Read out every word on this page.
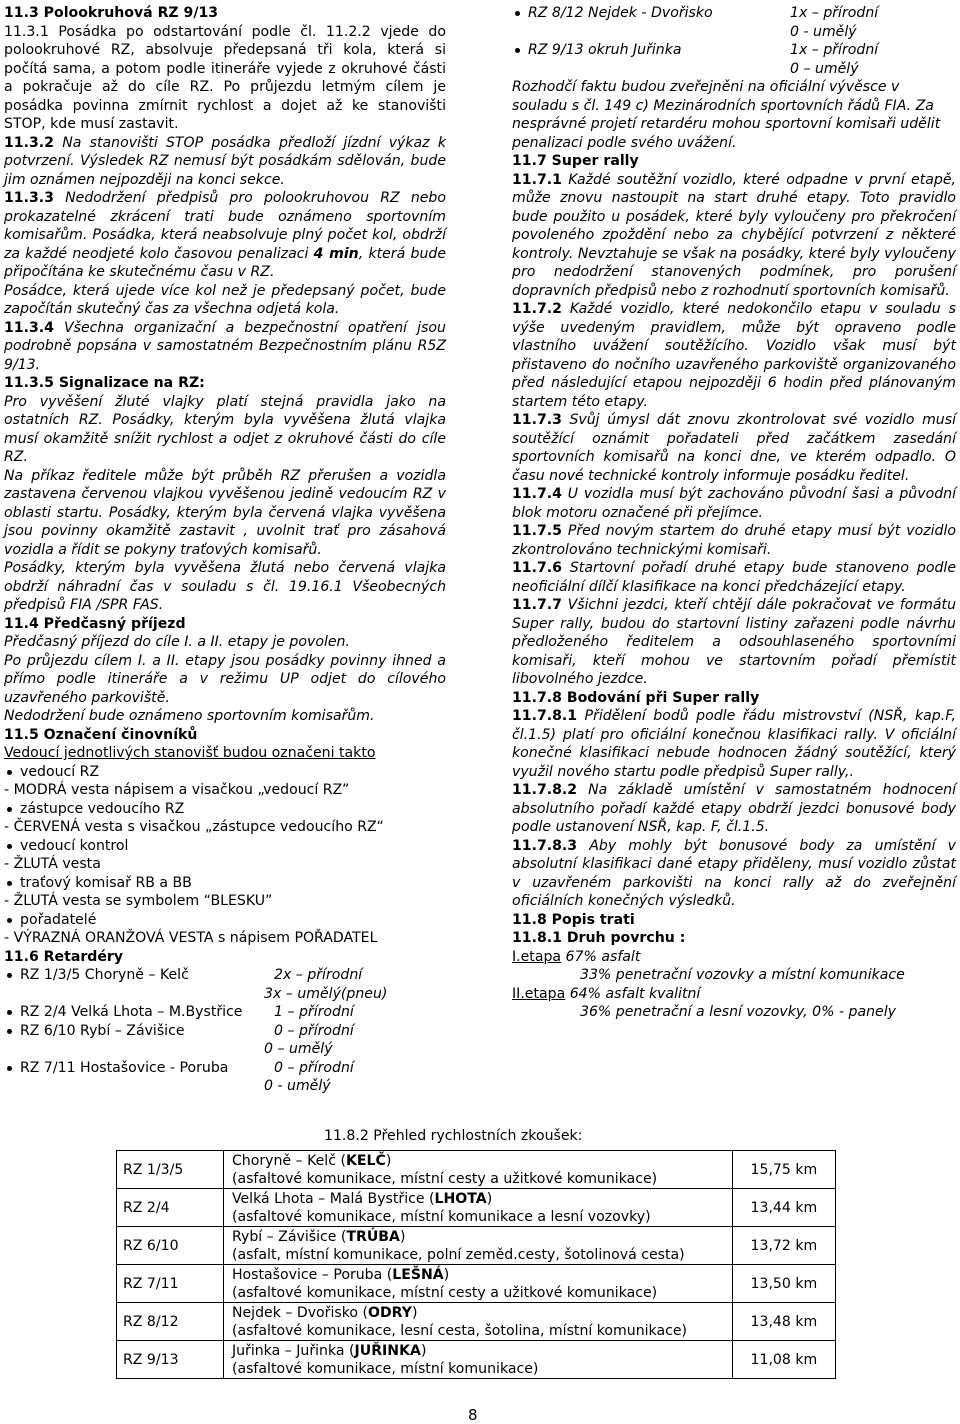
11.3 Polookruhová RZ 9/13

11.3.1 Posádka po odstartování podle čl. 11.2.2 vjede do polookruhové RZ, absolvuje předepsaná tři kola, která si počítá sama, a potom podle itineráře vyjede z okruhové části a pokračuje až do cíle RZ. Po průjezdu letmým cílem je posádka povinna zmírnit rychlost a dojet až ke stanovišti STOP, kde musí zastavit.

11.3.2 Na stanovišti STOP posádka předloží jízdní výkaz k potvrzení. Výsledek RZ nemusí být posádkám sdělován, bude jim oznámen nejpozději na konci sekce.

11.3.3 Nedodržení předpisů pro polookruhovou RZ nebo prokazatelné zkrácení trati bude oznámeno sportovním komisařům. Posádka, která neabsolvuje plný počet kol, obdrží za každé neodjeté kolo časovou penalizaci 4 min, která bude připočítána ke skutečnému času v RZ.

Posádce, která ujede více kol než je předepsaný počet, bude započítán skutečný čas za všechna odjetá kola.

11.3.4 Všechna organizační a bezpečnostní opatření jsou podrobně popsána v samostatném Bezpečnostním plánu R5Z 9/13.

11.3.5 Signalizace na RZ:

Pro vyvěšení žluté vlajky platí stejná pravidla jako na ostatních RZ. Posádky, kterým byla vyvěšena žlutá vlajka musí okamžitě snížit rychlost a odjet z okruhové části do cíle RZ.

Na příkaz ředitele může být průběh RZ přerušen a vozidla zastavena červenou vlajkou vyvěšenou jedině vedoucím RZ v oblasti startu. Posádky, kterým byla červená vlajka vyvěšena jsou povinny okamžitě zastavit , uvolnit trať pro zásahová vozidla a řídit se pokyny traťových komisařů.

Posádky, kterým byla vyvěšena žlutá nebo červená vlajka obdrží náhradní čas v souladu s čl. 19.16.1 Všeobecných předpisů FIA /SPR FAS.

11.4 Předčasný příjezd

Předčasný příjezd do cíle I. a II. etapy je povolen.

Po průjezdu cílem I. a II. etapy jsou posádky povinny ihned a přímo podle itineráře a v režimu UP odjet do cílového uzavřeného parkoviště.

Nedodržení bude oznámeno sportovním komisařům.

11.5 Označení činovníků

Vedoucí jednotlivých stanovišť budou označeni takto

vedoucí RZ

- MODRÁ vesta nápisem a visačkou „vedoucí RZ”

zástupce vedoucího RZ

- ČERVENÁ vesta s visačkou „zástupce vedoucího RZ“

vedoucí kontrol

- ŽLUTÁ vesta

traťový komisař RB a BB

- ŽLUTÁ vesta se symbolem “BLESKU”

pořadatelé

- VÝRAZNÁ ORANŽOVÁ VESTA s nápisem POŘADATEL

11.6 Retardéry

RZ 1/3/5 Choryně – Kelč	2x – přírodní

3x – umělý(pneu)

RZ 2/4 Velká Lhota – M.Bystřice	1 – přírodní
RZ 6/10 Rybí – Závišice	0 – přírodní

0 – umělý

RZ 7/11 Hostašovice - Poruba	0 – přírodní

0 - umělý

RZ 8/12 Nejdek - Dvořisko	1x – přírodní

0 - umělý

RZ 9/13 okruh Juřinka	1x – přírodní

0 – umělý

Rozhodčí faktu budou zveřejněni na oficiální vývěsce v souladu s čl. 149 c) Mezinárodních sportovních řádů FIA. Za nesprávné projetí retardéru mohou sportovní komisaři udělit penalizaci podle svého uvážení.

11.7 Super rally

11.7.1 Každé soutěžní vozidlo, které odpadne v první etapě, může znovu nastoupit na start druhé etapy. Toto pravidlo bude použito u posádek, které byly vyloučeny pro překročení povoleného zpoždění nebo za chybějící potvrzení z některé kontroly. Nevztahuje se však na posádky, které byly vyloučeny pro nedodržení stanovených podmínek, pro porušení dopravních předpisů nebo z rozhodnutí sportovních komisařů.

11.7.2 Každé vozidlo, které nedokončilo etapu v souladu s výše uvedeným pravidlem, může být opraveno podle vlastního uvážení soutěžícího. Vozidlo však musí být přistaveno do nočního uzavřeného parkoviště organizovaného před následující etapou nejpozději 6 hodin před plánovaným startem této etapy.

11.7.3 Svůj úmysl dát znovu zkontrolovat své vozidlo musí soutěžící oznámit pořadateli před začátkem zasedání sportovních komisařů na konci dne, ve kterém odpadlo. O času nové technické kontroly informuje posádku ředitel.

11.7.4 U vozidla musí být zachováno původní šasi a původní blok motoru označené při přejímce.

11.7.5 Před novým startem do druhé etapy musí být vozidlo zkontrolováno technickými komisaři.

11.7.6 Startovní pořadí druhé etapy bude stanoveno podle neoficiální dílčí klasifikace na konci předcházející etapy.

11.7.7 Všichni jezdci, kteří chtějí dále pokračovat ve formátu Super rally, budou do startovní listiny zařazeni podle návrhu předloženého ředitelem a odsouhlaseného sportovními komisaři, kteří mohou ve startovním pořadí přemístit libovolného jezdce.

11.7.8 Bodování při Super rally

11.7.8.1 Přidělení bodů podle řádu mistrovství (NSŘ, kap.F, čl.1.5) platí pro oficiální konečnou klasifikaci rally. V oficiální konečné klasifikaci nebude hodnocen žádný soutěžící, který využil nového startu podle předpisů Super rally,.

11.7.8.2 Na základě umístění v samostatném hodnocení absolutního pořadí každé etapy obdrží jezdci bonusové body podle ustanovení NSŘ, kap. F, čl.1.5.

11.7.8.3 Aby mohly být bonusové body za umístění v absolutní klasifikaci dané etapy přiděleny, musí vozidlo zůstat v uzavřeném parkovišti na konci rally až do zveřejnění oficiálních konečných výsledků.

11.8 Popis trati

11.8.1 Druh povrchu :

I.etapa 67% asfalt

33% penetrační vozovky a místní komunikace

II.etapa 64% asfalt kvalitní

36% penetrační a lesní vozovky, 0% - panely

11.8.2 Přehled rychlostních zkoušek:
RZ 1/3/5	Choryně – Kelč (KELČ)
(asfaltové komunikace, místní cesty a užitkové komunikace)	15,75 km
RZ 2/4	Velká Lhota – Malá Bystřice (LHOTA)
(asfaltové komunikace, místní komunikace a lesní vozovky)	13,44 km
RZ 6/10	Rybí – Závišice (TRÚBA)
(asfalt, místní komunikace, polní zeměd.cesty, šotolinová cesta)	13,72 km
RZ 7/11	Hostašovice – Poruba (LEŠNÁ)
(asfaltové komunikace, místní cesty a užitkové komunikace)	13,50 km
RZ 8/12	Nejdek – Dvořisko (ODRY)
(asfaltové komunikace, lesní cesta, šotolina, místní komunikace)	13,48 km
RZ 9/13	Juřinka – Juřinka (JUŘINKA)
(asfaltové komunikace, místní komunikace)	11,08 km
8
